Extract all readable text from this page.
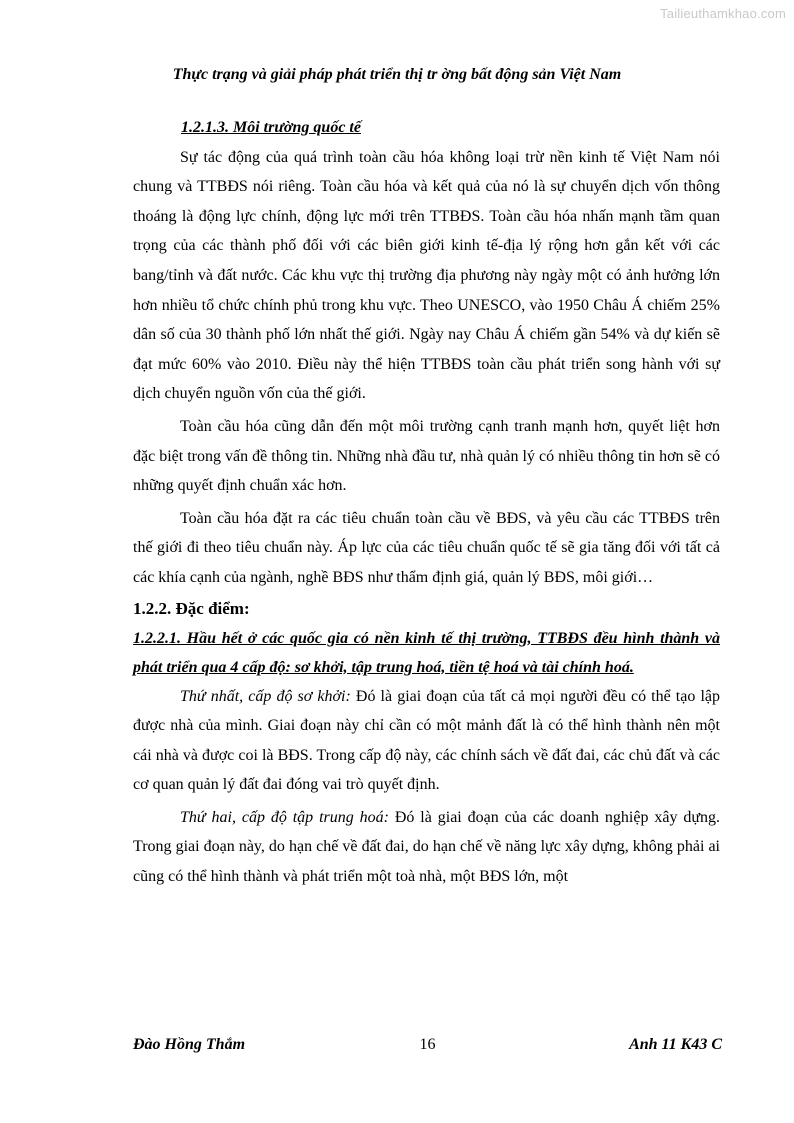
Tailieuthamkhao.com
Thực trạng và giải pháp phát triển thị tr ờng bất động sản Việt Nam

1.2.1.3. Môi trường quốc tế

Sự tác động của quá trình toàn cầu hóa không loại trừ nền kinh tế Việt Nam nói chung và TTBĐS nói riêng. Toàn cầu hóa và kết quả của nó là sự chuyển dịch vốn thông thoáng là động lực chính, động lực mới trên TTBĐS. Toàn cầu hóa nhấn mạnh tầm quan trọng của các thành phố đối với các biên giới kinh tế-địa lý rộng hơn gắn kết với các bang/tỉnh và đất nước. Các khu vực thị trường địa phương này ngày một có ảnh hưởng lớn hơn nhiều tổ chức chính phủ trong khu vực. Theo UNESCO, vào 1950 Châu Á chiếm 25% dân số của 30 thành phố lớn nhất thế giới. Ngày nay Châu Á chiếm gần 54% và dự kiến sẽ đạt mức 60% vào 2010. Điều này thể hiện TTBĐS toàn cầu phát triển song hành với sự dịch chuyển nguồn vốn của thế giới.

Toàn cầu hóa cũng dẫn đến một môi trường cạnh tranh mạnh hơn, quyết liệt hơn đặc biệt trong vấn đề thông tin. Những nhà đầu tư, nhà quản lý có nhiều thông tin hơn sẽ có những quyết định chuẩn xác hơn.

Toàn cầu hóa đặt ra các tiêu chuẩn toàn cầu về BĐS, và yêu cầu các TTBĐS trên thế giới đi theo tiêu chuẩn này. Áp lực của các tiêu chuẩn quốc tế sẽ gia tăng đối với tất cả các khía cạnh của ngành, nghề BĐS như thẩm định giá, quản lý BĐS, môi giới…

1.2.2. Đặc điểm:

1.2.2.1. Hầu hết ở các quốc gia có nền kinh tế thị trường, TTBĐS đều hình thành và phát triển qua 4 cấp độ: sơ khởi, tập trung hoá, tiền tệ hoá và tài chính hoá.

Thứ nhất, cấp độ sơ khởi: Đó là giai đoạn của tất cả mọi người đều có thể tạo lập được nhà của mình. Giai đoạn này chỉ cần có một mảnh đất là có thể hình thành nên một cái nhà và được coi là BĐS. Trong cấp độ này, các chính sách về đất đai, các chủ đất và các cơ quan quản lý đất đai đóng vai trò quyết định.

Thứ hai, cấp độ tập trung hoá: Đó là giai đoạn của các doanh nghiệp xây dựng. Trong giai đoạn này, do hạn chế về đất đai, do hạn chế về năng lực xây dựng, không phải ai cũng có thể hình thành và phát triển một toà nhà, một BĐS lớn, một

Đào Hồng Thắm	16	Anh 11 K43 C
